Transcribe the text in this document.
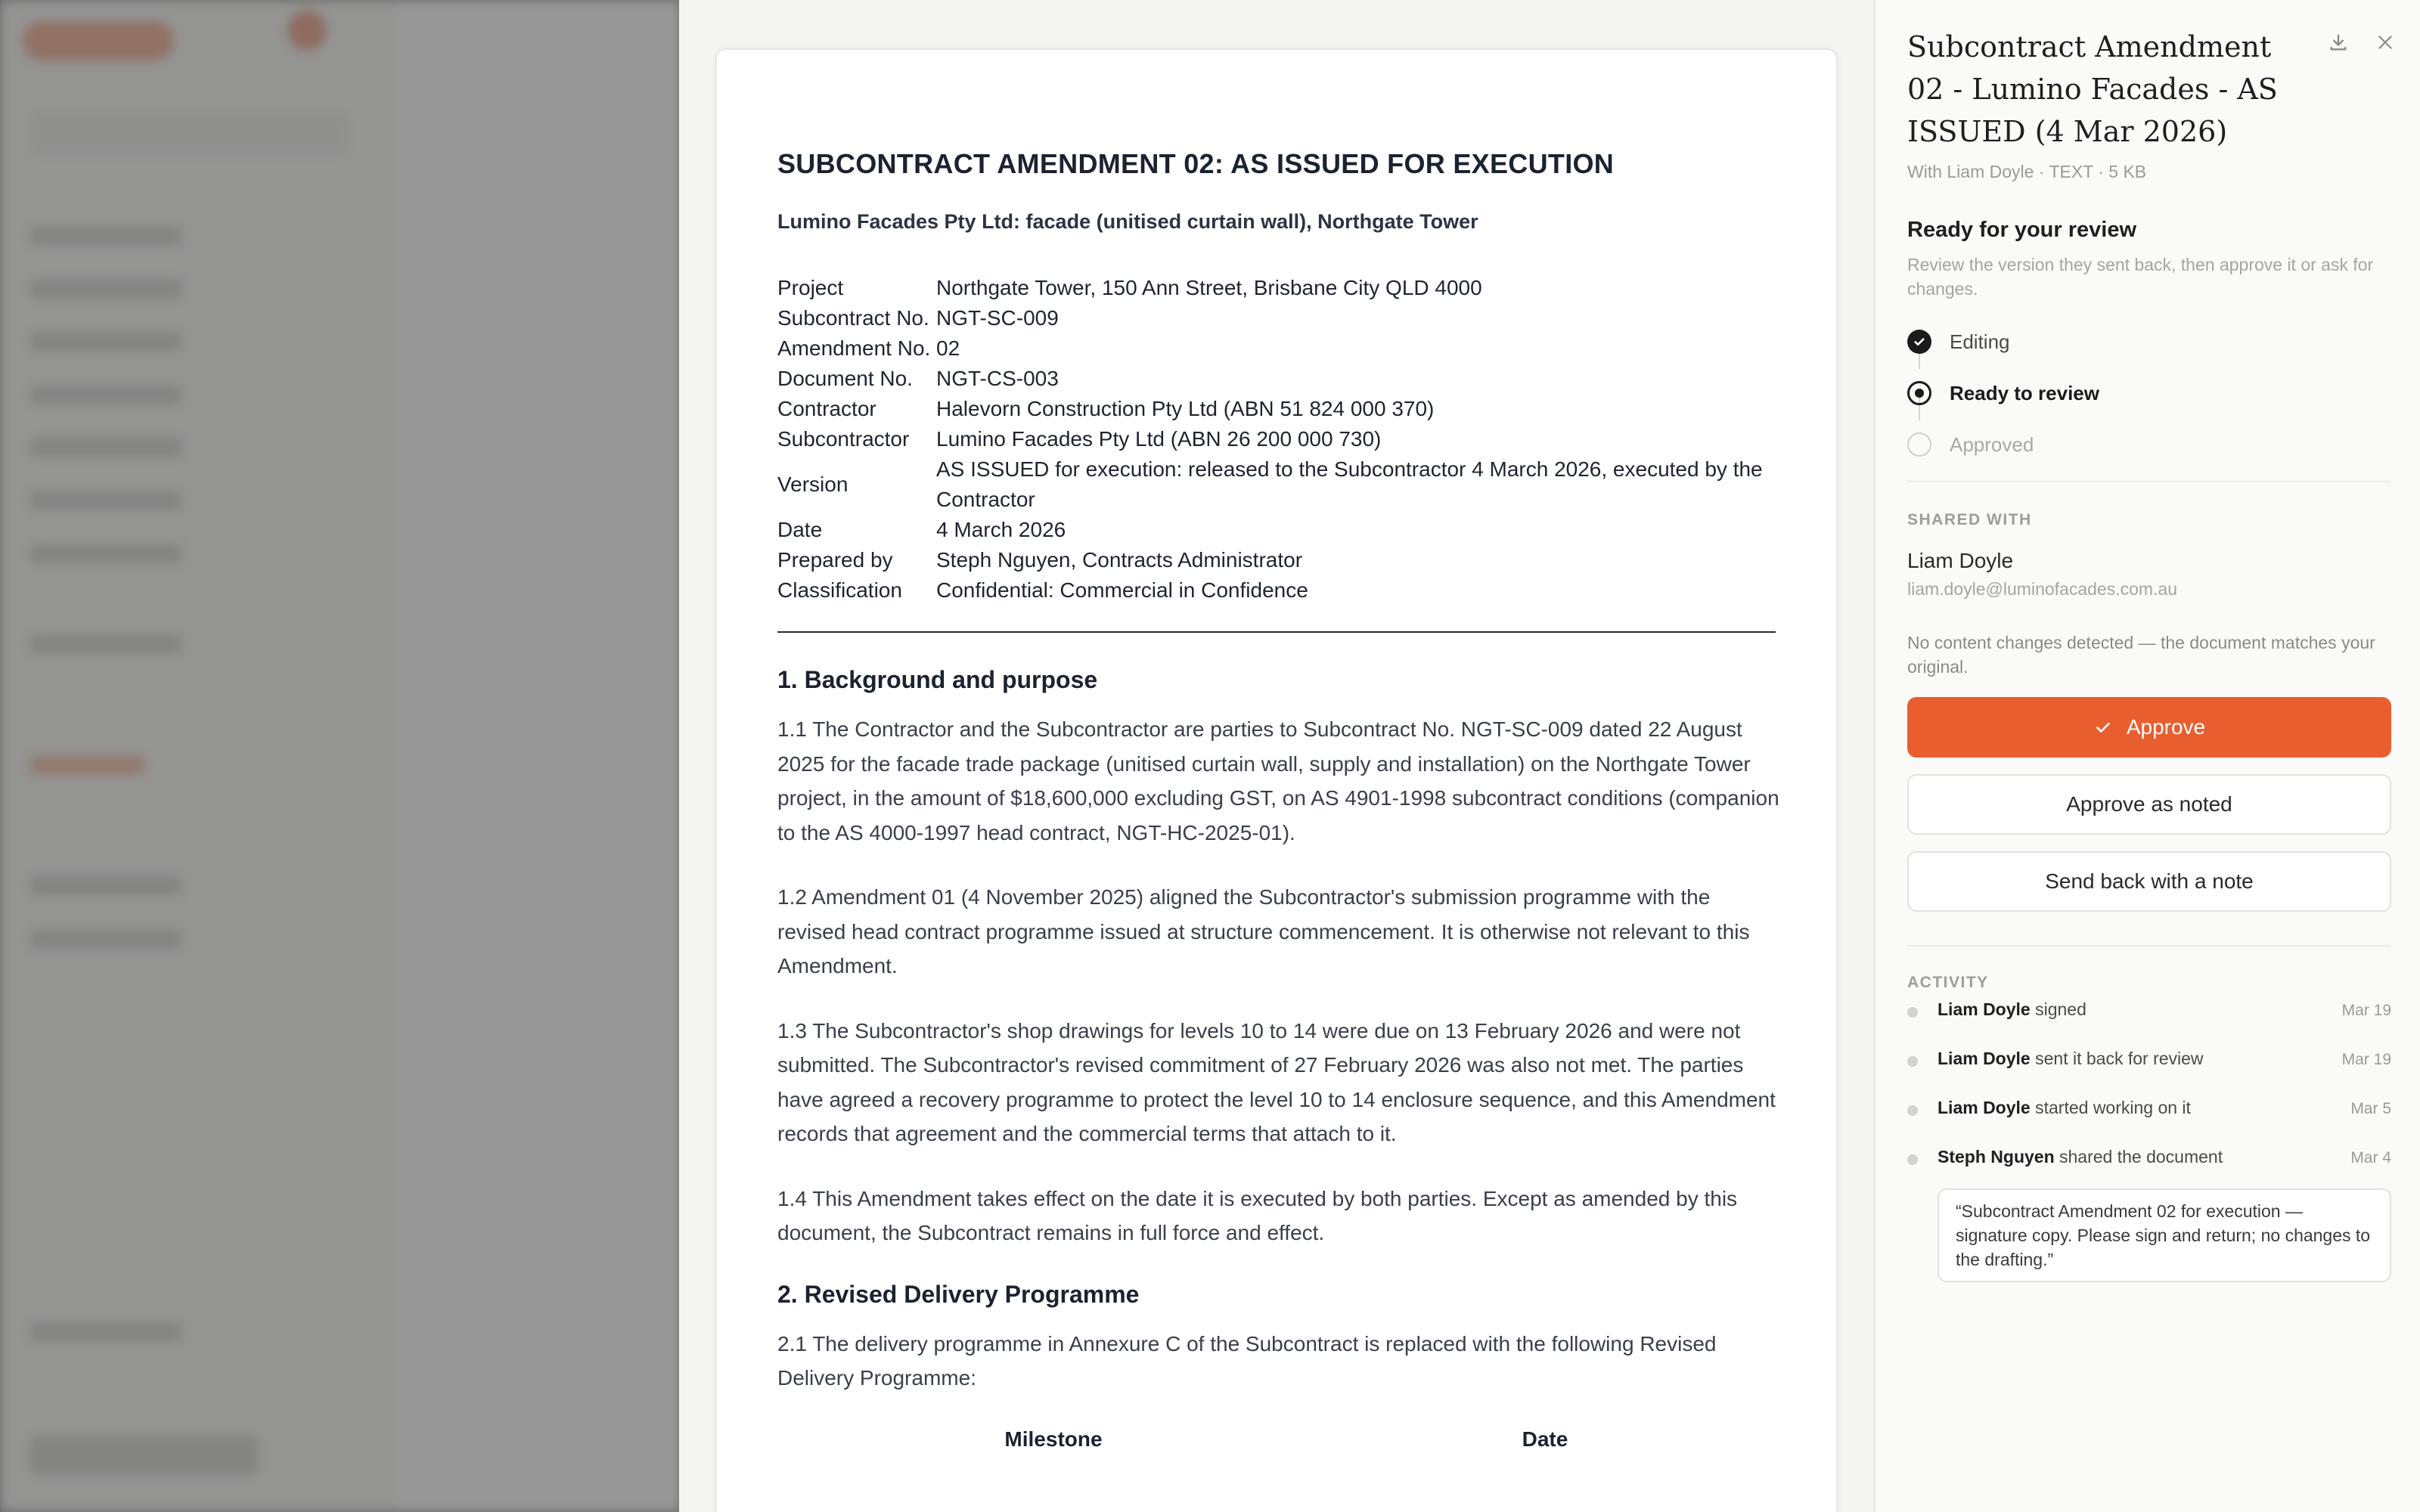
SUBCONTRACT AMENDMENT 02: AS ISSUED FOR EXECUTION
Lumino Facades Pty Ltd: facade (unitised curtain wall), Northgate Tower
Project	Northgate Tower, 150 Ann Street, Brisbane City QLD 4000
Subcontract No.	NGT-SC-009
Amendment No.	02
Document No.	NGT-CS-003
Contractor	Halevorn Construction Pty Ltd (ABN 51 824 000 370)
Subcontractor	Lumino Facades Pty Ltd (ABN 26 200 000 730)
Version	AS ISSUED for execution: released to the Subcontractor 4 March 2026, executed by the Contractor
Date	4 March 2026
Prepared by	Steph Nguyen, Contracts Administrator
Classification	Confidential: Commercial in Confidence
1. Background and purpose

1.1 The Contractor and the Subcontractor are parties to Subcontract No. NGT-SC-009 dated 22 August 2025 for the facade trade package (unitised curtain wall, supply and installation) on the Northgate Tower project, in the amount of $18,600,000 excluding GST, on AS 4901-1998 subcontract conditions (companion to the AS 4000-1997 head contract, NGT-HC-2025-01).

1.2 Amendment 01 (4 November 2025) aligned the Subcontractor's submission programme with the revised head contract programme issued at structure commencement. It is otherwise not relevant to this Amendment.

1.3 The Subcontractor's shop drawings for levels 10 to 14 were due on 13 February 2026 and were not submitted. The Subcontractor's revised commitment of 27 February 2026 was also not met. The parties have agreed a recovery programme to protect the level 10 to 14 enclosure sequence, and this Amendment records that agreement and the commercial terms that attach to it.

1.4 This Amendment takes effect on the date it is executed by both parties. Except as amended by this document, the Subcontract remains in full force and effect.

2. Revised Delivery Programme

2.1 The delivery programme in Annexure C of the Subcontract is replaced with the following Revised Delivery Programme:

Milestone	Date
Subcontract Amendment 02 - Lumino Facades - AS ISSUED (4 Mar 2026)
With Liam Doyle · TEXT · 5 KB
Ready for your review
Review the version they sent back, then approve it or ask for changes.
Editing
Ready to review
Approved
SHARED WITH
Liam Doyle
liam.doyle@luminofacades.com.au
No content changes detected — the document matches your original.
Approve
Approve as noted
Send back with a note
ACTIVITY
Liam Doyle signed	Mar 19
Liam Doyle sent it back for review	Mar 19
Liam Doyle started working on it	Mar 5
Steph Nguyen shared the document	Mar 4
“Subcontract Amendment 02 for execution — signature copy. Please sign and return; no changes to the drafting.”
